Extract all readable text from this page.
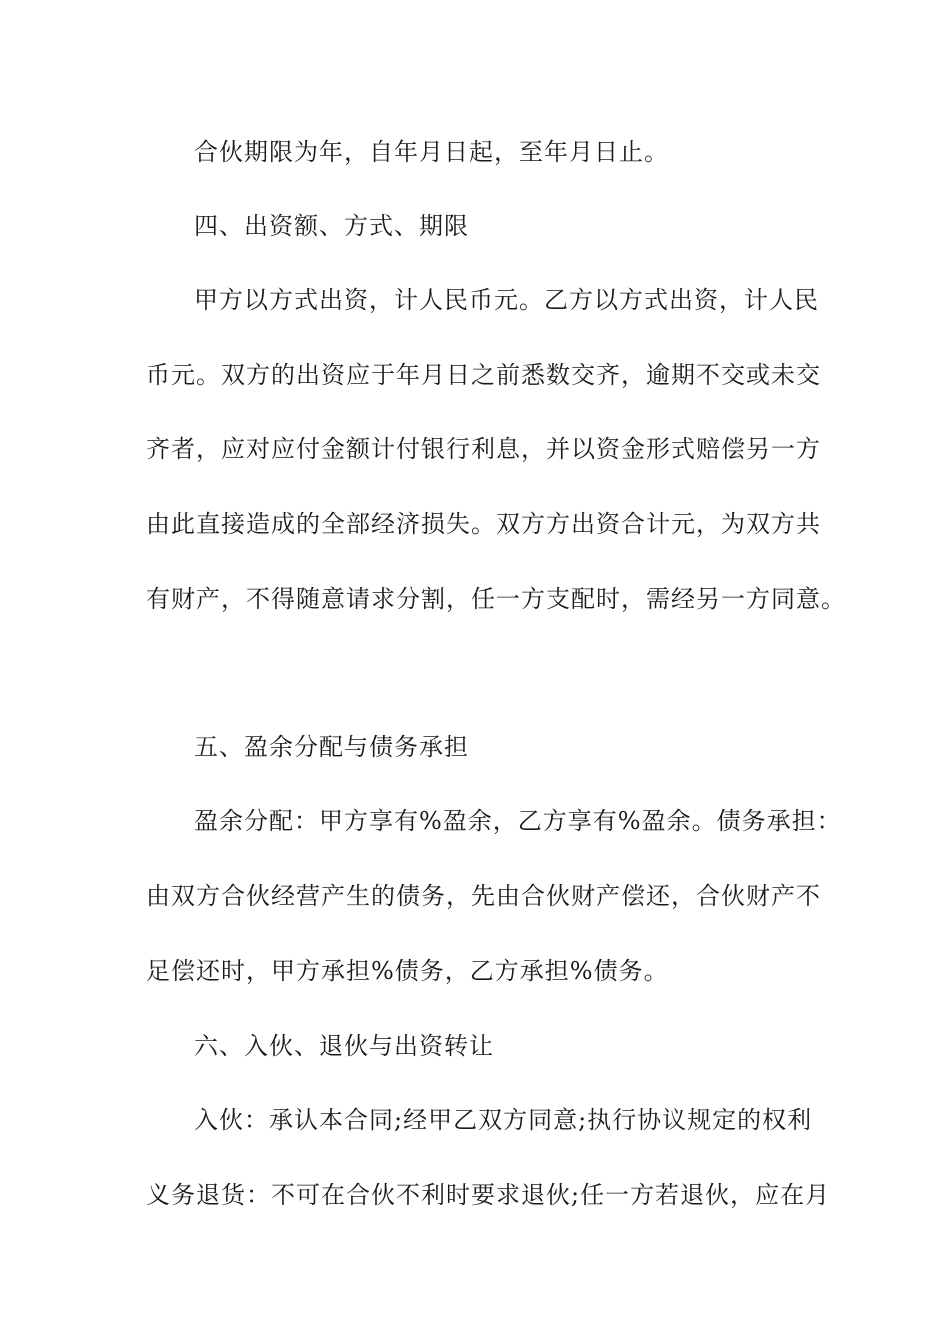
合伙期限为年，自年月日起，至年月日止。
四、出资额、方式、期限
甲方以方式出资，计人民币元。乙方以方式出资，计人民
币元。双方的出资应于年月日之前悉数交齐，逾期不交或未交
齐者，应对应付金额计付银行利息，并以资金形式赔偿另一方
由此直接造成的全部经济损失。双方方出资合计元，为双方共
有财产，不得随意请求分割，任一方支配时，需经另一方同意。
五、盈余分配与债务承担
盈余分配：甲方享有%盈余，乙方享有%盈余。债务承担：
由双方合伙经营产生的债务，先由合伙财产偿还，合伙财产不
足偿还时，甲方承担%债务，乙方承担%债务。
六、入伙、退伙与出资转让
入伙：承认本合同;经甲乙双方同意;执行协议规定的权利
义务退货：不可在合伙不利时要求退伙;任一方若退伙，应在月
